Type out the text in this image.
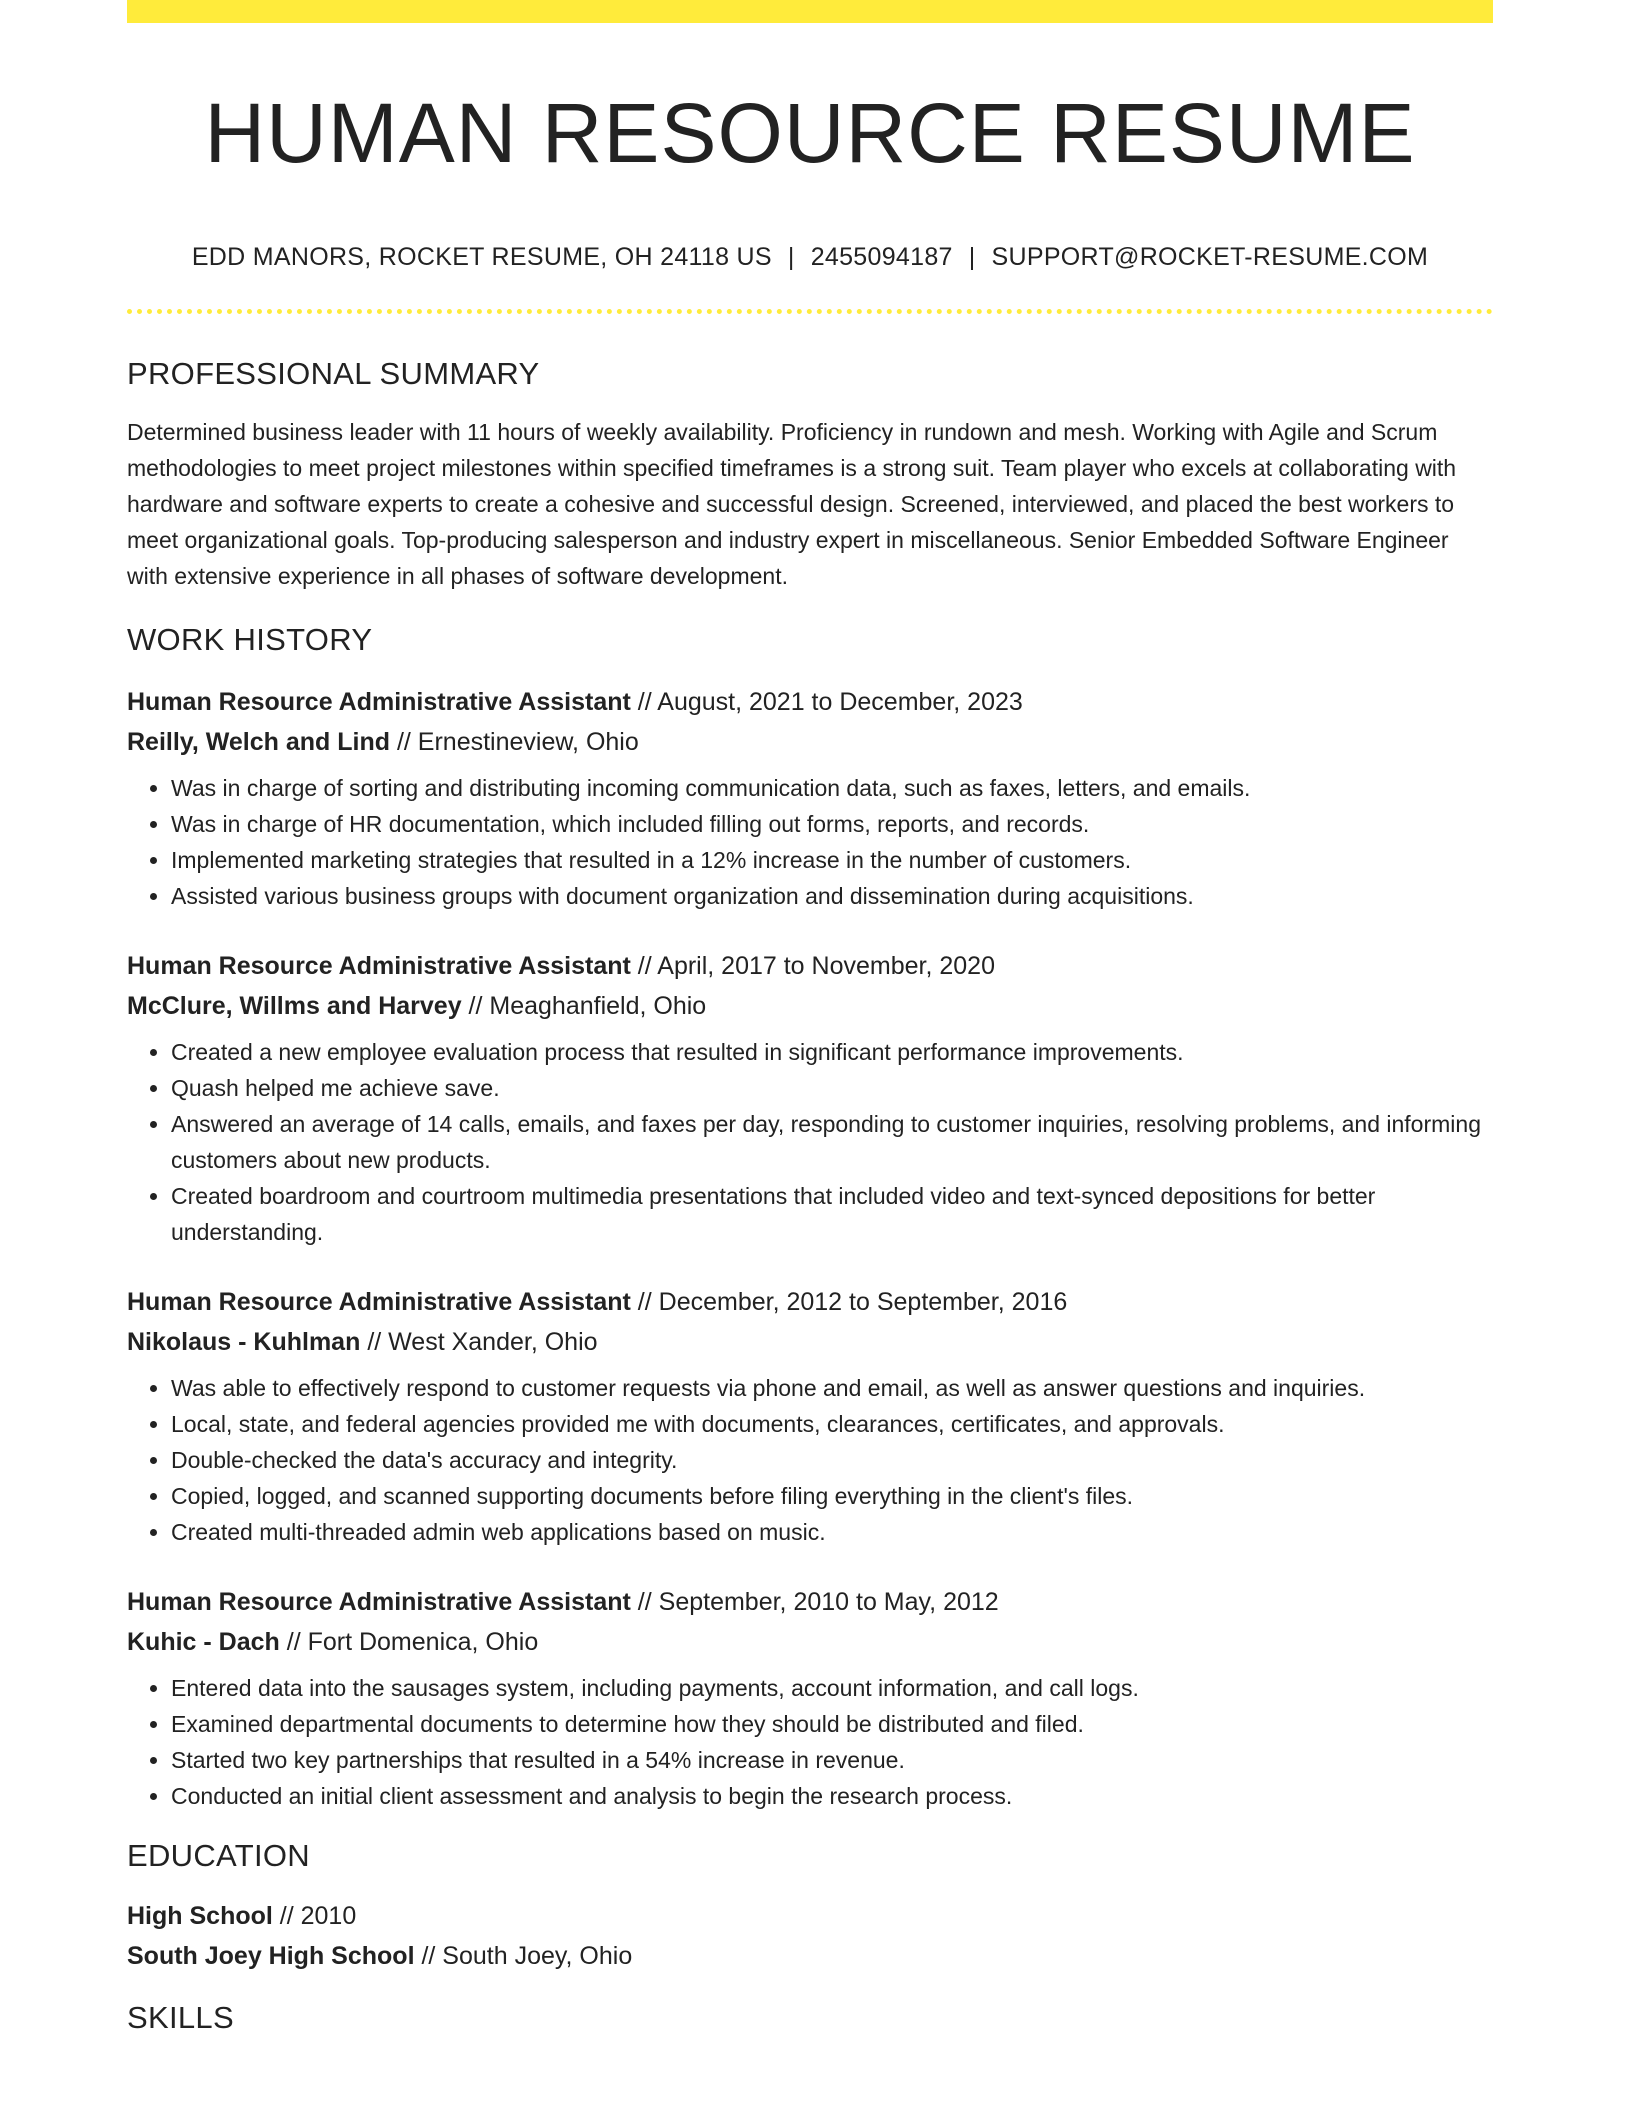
HUMAN RESOURCE RESUME
EDD MANORS, ROCKET RESUME, OH 24118 US | 2455094187 | SUPPORT@ROCKET-RESUME.COM
PROFESSIONAL SUMMARY

Determined business leader with 11 hours of weekly availability. Proficiency in rundown and mesh. Working with Agile and Scrum methodologies to meet project milestones within specified timeframes is a strong suit. Team player who excels at collaborating with hardware and software experts to create a cohesive and successful design. Screened, interviewed, and placed the best workers to meet organizational goals. Top-producing salesperson and industry expert in miscellaneous. Senior Embedded Software Engineer with extensive experience in all phases of software development.

WORK HISTORY
Human Resource Administrative Assistant // August, 2021 to December, 2023
Reilly, Welch and Lind // Ernestineview, Ohio
• Was in charge of sorting and distributing incoming communication data, such as faxes, letters, and emails.
• Was in charge of HR documentation, which included filling out forms, reports, and records.
• Implemented marketing strategies that resulted in a 12% increase in the number of customers.
• Assisted various business groups with document organization and dissemination during acquisitions.
Human Resource Administrative Assistant // April, 2017 to November, 2020
McClure, Willms and Harvey // Meaghanfield, Ohio
• Created a new employee evaluation process that resulted in significant performance improvements.
• Quash helped me achieve save.
• Answered an average of 14 calls, emails, and faxes per day, responding to customer inquiries, resolving problems, and informing customers about new products.
• Created boardroom and courtroom multimedia presentations that included video and text-synced depositions for better understanding.
Human Resource Administrative Assistant // December, 2012 to September, 2016
Nikolaus - Kuhlman // West Xander, Ohio
• Was able to effectively respond to customer requests via phone and email, as well as answer questions and inquiries.
• Local, state, and federal agencies provided me with documents, clearances, certificates, and approvals.
• Double-checked the data's accuracy and integrity.
• Copied, logged, and scanned supporting documents before filing everything in the client's files.
• Created multi-threaded admin web applications based on music.
Human Resource Administrative Assistant // September, 2010 to May, 2012
Kuhic - Dach // Fort Domenica, Ohio
• Entered data into the sausages system, including payments, account information, and call logs.
• Examined departmental documents to determine how they should be distributed and filed.
• Started two key partnerships that resulted in a 54% increase in revenue.
• Conducted an initial client assessment and analysis to begin the research process.
EDUCATION
High School // 2010
South Joey High School // South Joey, Ohio
SKILLS
